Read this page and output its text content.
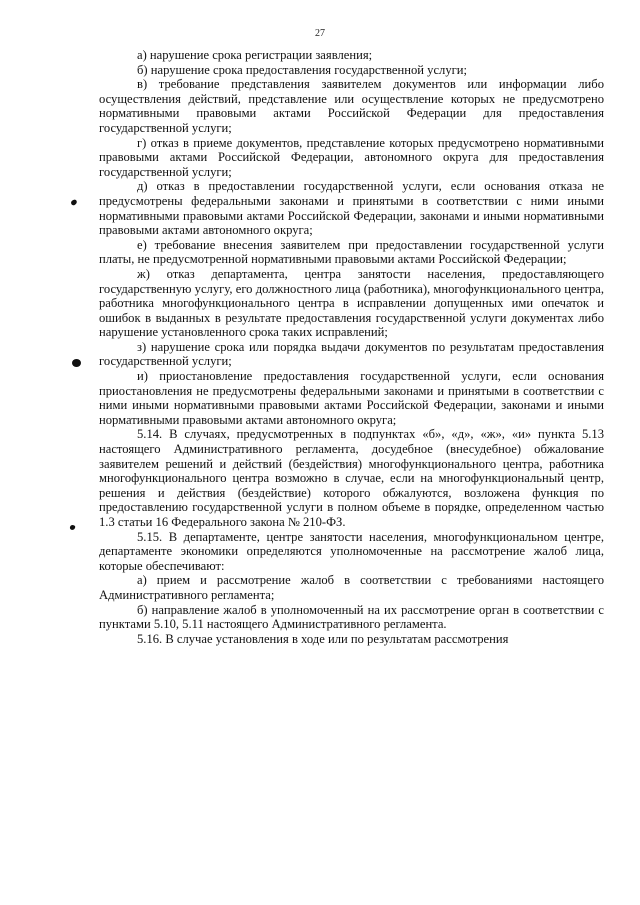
27

а) нарушение срока регистрации заявления;

б) нарушение срока предоставления государственной услуги;

в) требование представления заявителем документов или информации либо осуществления действий, представление или осуществление которых не предусмотрено нормативными правовыми актами Российской Федерации для предоставления государственной услуги;

г) отказ в приеме документов, представление которых предусмотрено нормативными правовыми актами Российской Федерации, автономного округа для предоставления государственной услуги;

д) отказ в предоставлении государственной услуги, если основания отказа не предусмотрены федеральными законами и принятыми в соответствии с ними иными нормативными правовыми актами Российской Федерации, законами и иными нормативными правовыми актами автономного округа;

е) требование внесения заявителем при предоставлении государственной услуги платы, не предусмотренной нормативными правовыми актами Российской Федерации;

ж) отказ департамента, центра занятости населения, предоставляющего государственную услугу, его должностного лица (работника), многофункционального центра, работника многофункционального центра в исправлении допущенных ими опечаток и ошибок в выданных в результате предоставления государственной услуги документах либо нарушение установленного срока таких исправлений;

з) нарушение срока или порядка выдачи документов по результатам предоставления государственной услуги;

и) приостановление предоставления государственной услуги, если основания приостановления не предусмотрены федеральными законами и принятыми в соответствии с ними иными нормативными правовыми актами Российской Федерации, законами и иными нормативными правовыми актами автономного округа;

5.14. В случаях, предусмотренных в подпунктах «б», «д», «ж», «и» пункта 5.13 настоящего Административного регламента, досудебное (внесудебное) обжалование заявителем решений и действий (бездействия) многофункционального центра, работника многофункционального центра возможно в случае, если на многофункциональный центр, решения и действия (бездействие) которого обжалуются, возложена функция по предоставлению государственной услуги в полном объеме в порядке, определенном частью 1.3 статьи 16 Федерального закона № 210-ФЗ.

5.15. В департаменте, центре занятости населения, многофункциональном центре, департаменте экономики определяются уполномоченные на рассмотрение жалоб лица, которые обеспечивают:

а) прием и рассмотрение жалоб в соответствии с требованиями настоящего Административного регламента;

б) направление жалоб в уполномоченный на их рассмотрение орган в соответствии с пунктами 5.10, 5.11 настоящего Административного регламента.

5.16. В случае установления в ходе или по результатам рассмотрения
